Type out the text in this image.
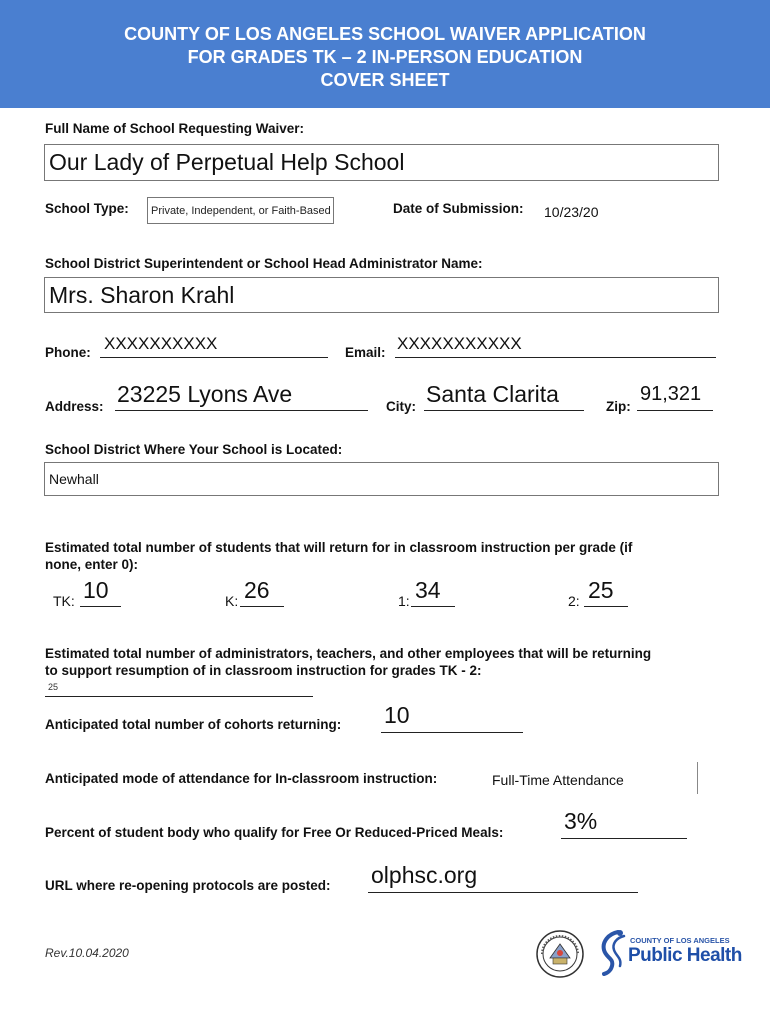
COUNTY OF LOS ANGELES SCHOOL WAIVER APPLICATION
FOR GRADES TK – 2 IN-PERSON EDUCATION
COVER SHEET
Full Name of School Requesting Waiver:
Our Lady of Perpetual Help School
School Type: Private, Independent, or Faith-Based	Date of Submission: 10/23/20
School District Superintendent or School Head Administrator Name:
Mrs. Sharon Krahl
Phone: XXXXXXXXXX	Email: XXXXXXXXXXX
Address: 23225 Lyons Ave	City: Santa Clarita	Zip:
91,321
School District Where Your School is Located:
Newhall
Estimated total number of students that will return for in classroom instruction per grade (if
none, enter 0):
TK: 10	K: 26	1: 34	2: 25
Estimated total number of administrators, teachers, and other employees that will be returning
to support resumption of in classroom instruction for grades TK - 2:
25
Anticipated total number of cohorts returning: 10
Anticipated mode of attendance for In-classroom instruction:	Full-Time Attendance
Percent of student body who qualify for Free Or Reduced-Priced Meals:	3%
URL where re-opening protocols are posted: olphsc.org
Rev.10.04.2020
COUNTY OF LOS ANGELES
Public Health
